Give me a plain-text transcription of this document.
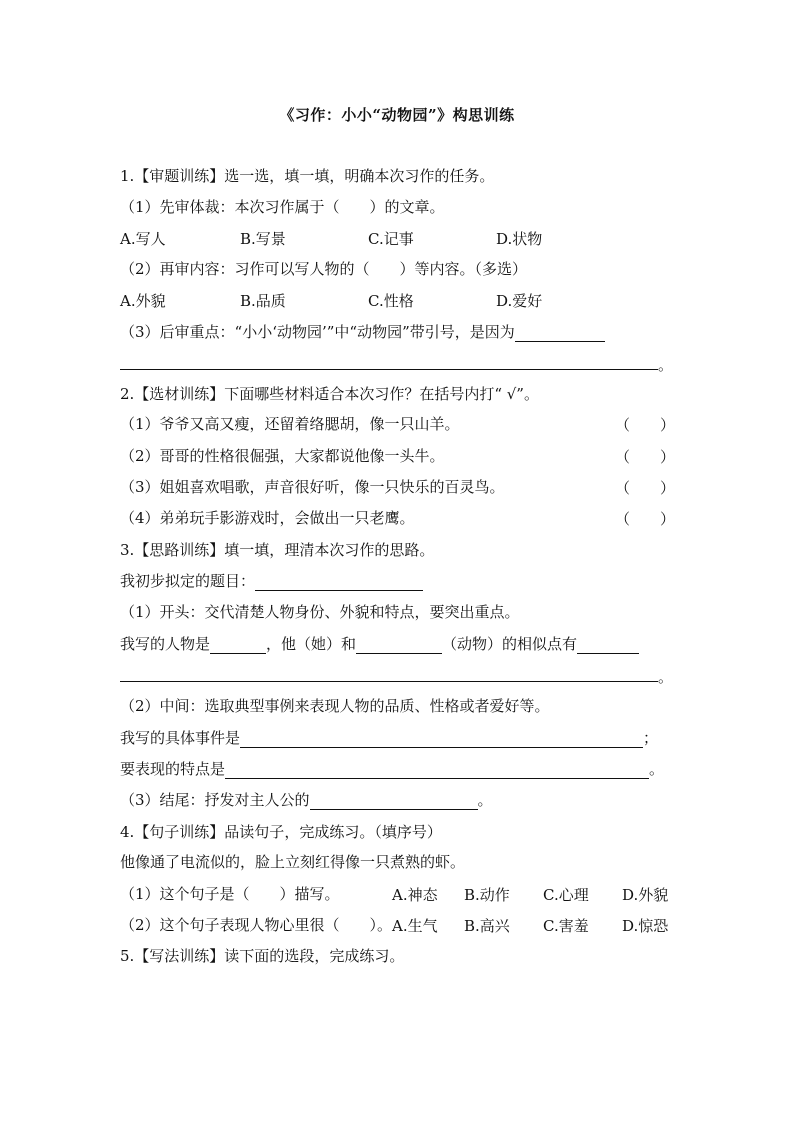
《习作：小小“动物园”》构思训练
1.【审题训练】选一选，填一填，明确本次习作的任务。
（1）先审体裁：本次习作属于（　　）的文章。
A.写人	B.写景	C.记事	D.状物
（2）再审内容：习作可以写人物的（　　）等内容。（多选）
A.外貌	B.品质	C.性格	D.爱好
（3）后审重点：“小小‘动物园’”中“动物园”带引号，是因为
。
2.【选材训练】下面哪些材料适合本次习作？在括号内打“ √”。
（1）爷爷又高又瘦，还留着络腮胡，像一只山羊。	（　　）
（2）哥哥的性格很倔强，大家都说他像一头牛。	（　　）
（3）姐姐喜欢唱歌，声音很好听，像一只快乐的百灵鸟。	（　　）
（4）弟弟玩手影游戏时，会做出一只老鹰。	（　　）
3.【思路训练】填一填，理清本次习作的思路。
我初步拟定的题目：
（1）开头：交代清楚人物身份、外貌和特点，要突出重点。
我写的人物是	，他（她）和	（动物）的相似点有
。
（2）中间：选取典型事例来表现人物的品质、性格或者爱好等。
我写的具体事件是	；
要表现的特点是	。
（3）结尾：抒发对主人公的	。
4.【句子训练】品读句子，完成练习。（填序号）
他像通了电流似的，脸上立刻红得像一只煮熟的虾。
（1）这个句子是（　　）描写。	A.神态 B.动作 C.心理 D.外貌
（2）这个句子表现人物心里很（　　）。 A.生气 B.高兴 C.害羞 D.惊恐
5.【写法训练】读下面的选段，完成练习。
